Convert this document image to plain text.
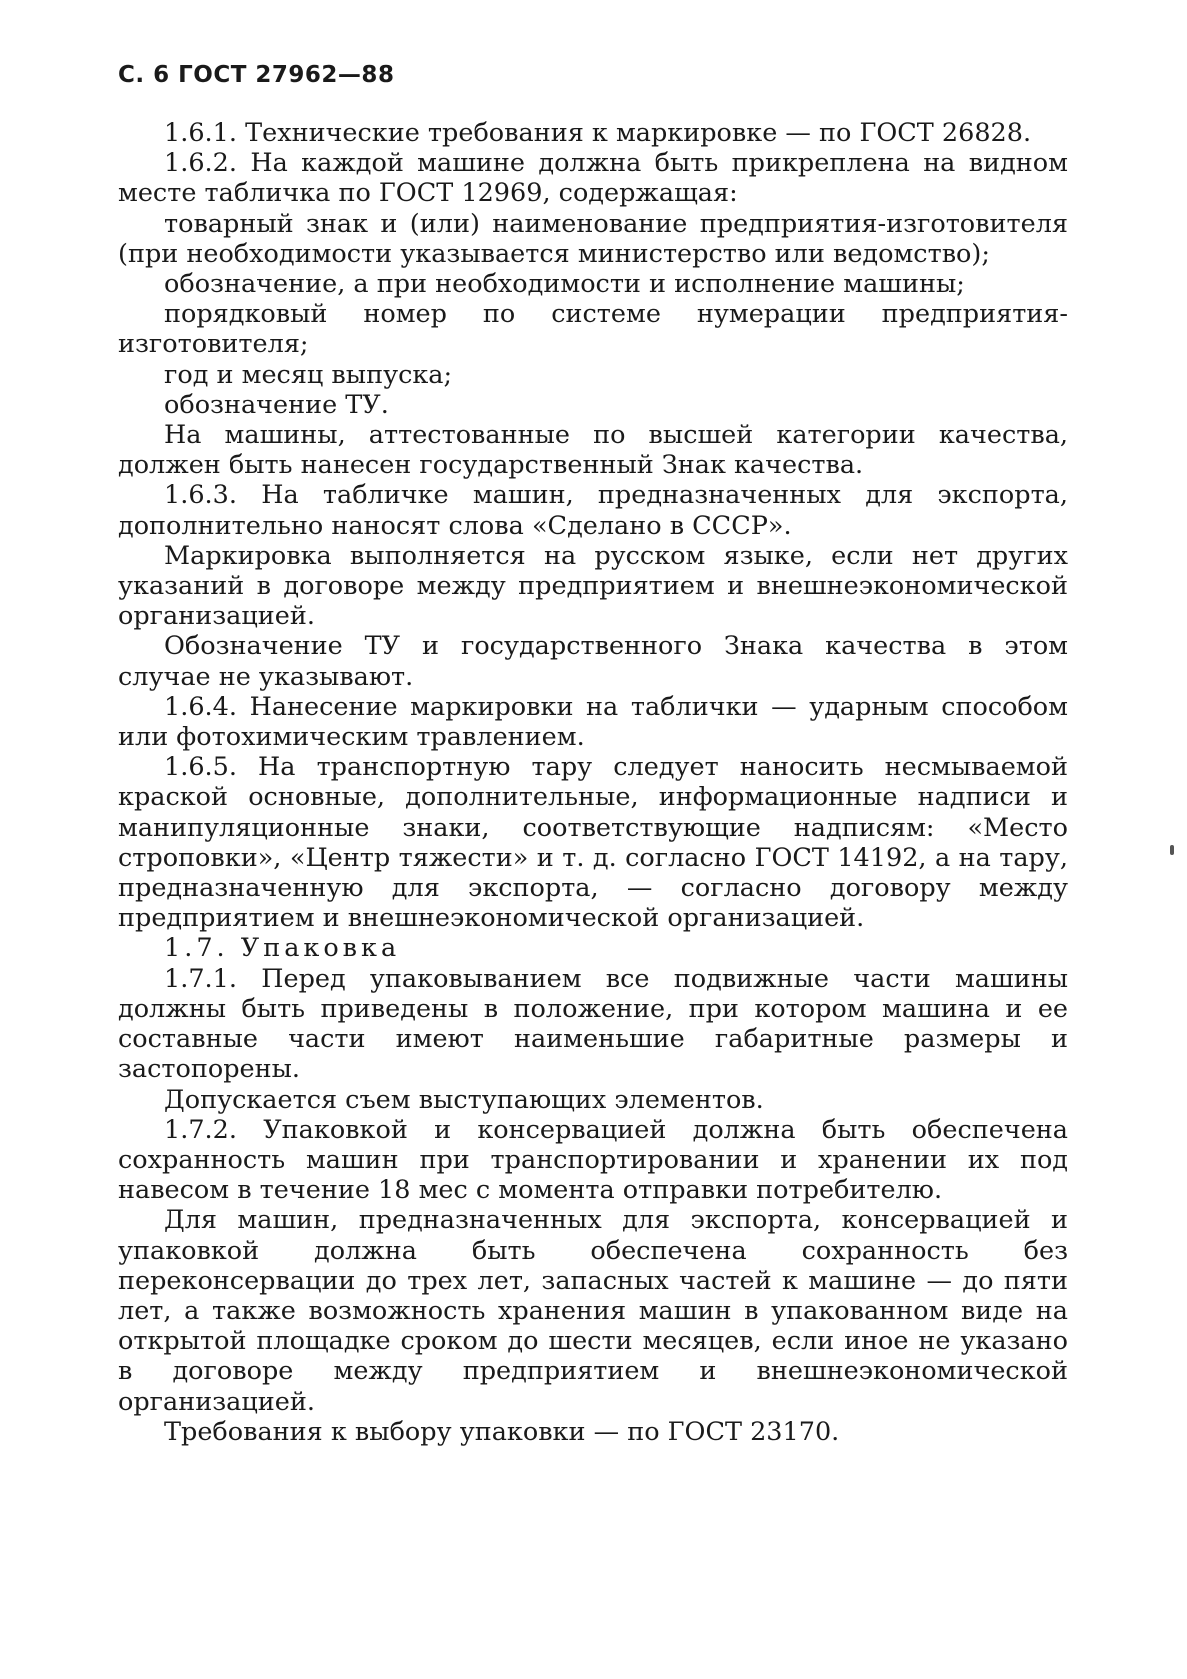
С. 6 ГОСТ 27962—88

1.6.1. Технические требования к маркировке — по ГОСТ 26828.

1.6.2. На каждой машине должна быть прикреплена на видном месте табличка по ГОСТ 12969, содержащая:

товарный знак и (или) наименование предприятия-изготовителя (при необходимости указывается министерство или ведомство);

обозначение, а при необходимости и исполнение машины;

порядковый номер по системе нумерации предприятия-изготовителя;

год и месяц выпуска;

обозначение ТУ.

На машины, аттестованные по высшей категории качества, должен быть нанесен государственный Знак качества.

1.6.3. На табличке машин, предназначенных для экспорта, дополнительно наносят слова «Сделано в СССР».

Маркировка выполняется на русском языке, если нет других указаний в договоре между предприятием и внешнеэкономической организацией.

Обозначение ТУ и государственного Знака качества в этом случае не указывают.

1.6.4. Нанесение маркировки на таблички — ударным способом или фотохимическим травлением.

1.6.5. На транспортную тару следует наносить несмываемой краской основные, дополнительные, информационные надписи и манипуляционные знаки, соответствующие надписям: «Место строповки», «Центр тяжести» и т. д. согласно ГОСТ 14192, а на тару, предназначенную для экспорта, — согласно договору между предприятием и внешнеэкономической организацией.

1.7. Упаковка

1.7.1. Перед упаковыванием все подвижные части машины должны быть приведены в положение, при котором машина и ее составные части имеют наименьшие габаритные размеры и застопорены.

Допускается съем выступающих элементов.

1.7.2. Упаковкой и консервацией должна быть обеспечена сохранность машин при транспортировании и хранении их под навесом в течение 18 мес с момента отправки потребителю.

Для машин, предназначенных для экспорта, консервацией и упаковкой должна быть обеспечена сохранность без переконсервации до трех лет, запасных частей к машине — до пяти лет, а также возможность хранения машин в упакованном виде на открытой площадке сроком до шести месяцев, если иное не указано в договоре между предприятием и внешнеэкономической организацией.

Требования к выбору упаковки — по ГОСТ 23170.
